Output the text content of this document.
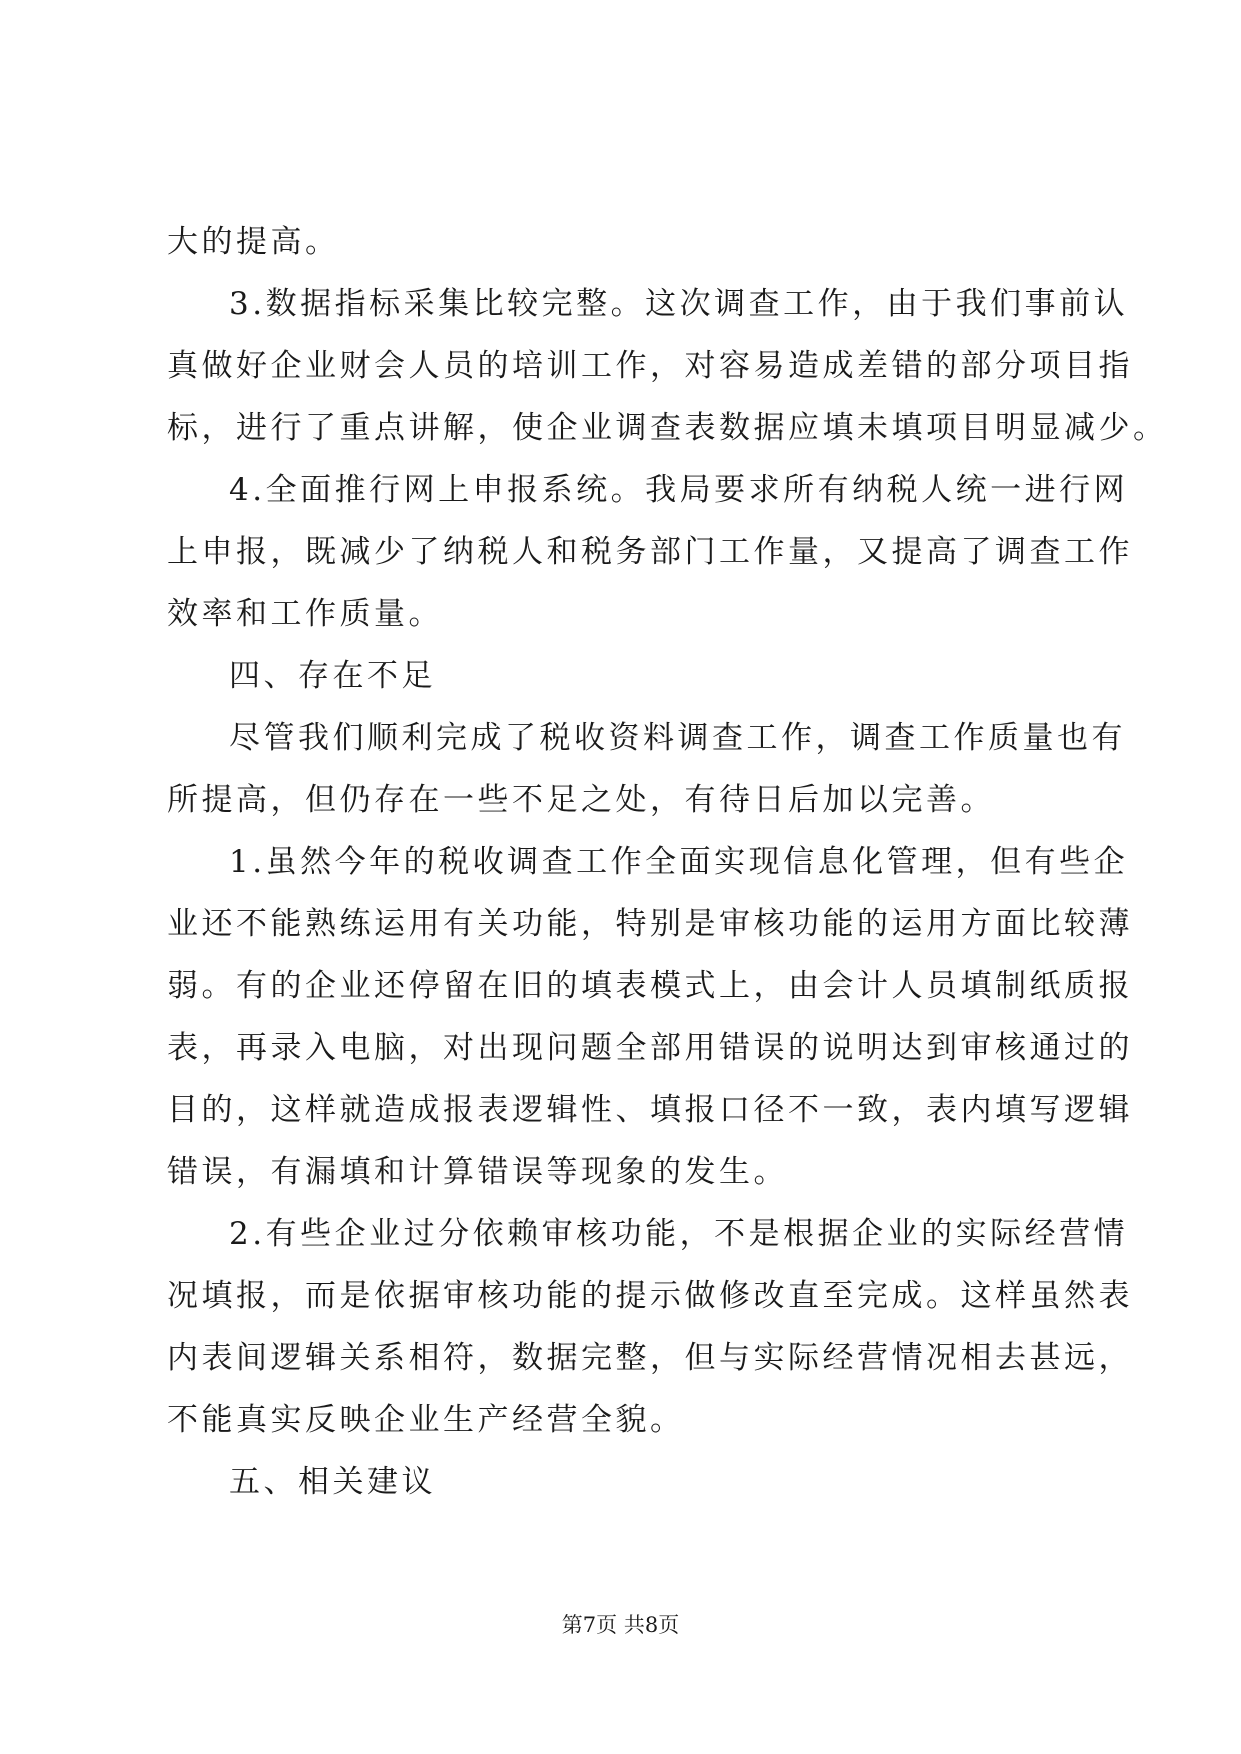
大的提高。
3.数据指标采集比较完整。这次调查工作，由于我们事前认
真做好企业财会人员的培训工作，对容易造成差错的部分项目指
标，进行了重点讲解，使企业调查表数据应填未填项目明显减少。
4.全面推行网上申报系统。我局要求所有纳税人统一进行网
上申报，既减少了纳税人和税务部门工作量，又提高了调查工作
效率和工作质量。
四、存在不足
尽管我们顺利完成了税收资料调查工作，调查工作质量也有
所提高，但仍存在一些不足之处，有待日后加以完善。
1.虽然今年的税收调查工作全面实现信息化管理，但有些企
业还不能熟练运用有关功能，特别是审核功能的运用方面比较薄
弱。有的企业还停留在旧的填表模式上，由会计人员填制纸质报
表，再录入电脑，对出现问题全部用错误的说明达到审核通过的
目的，这样就造成报表逻辑性、填报口径不一致，表内填写逻辑
错误，有漏填和计算错误等现象的发生。
2.有些企业过分依赖审核功能，不是根据企业的实际经营情
况填报，而是依据审核功能的提示做修改直至完成。这样虽然表
内表间逻辑关系相符，数据完整，但与实际经营情况相去甚远，
不能真实反映企业生产经营全貌。
五、相关建议
第7页 共8页
